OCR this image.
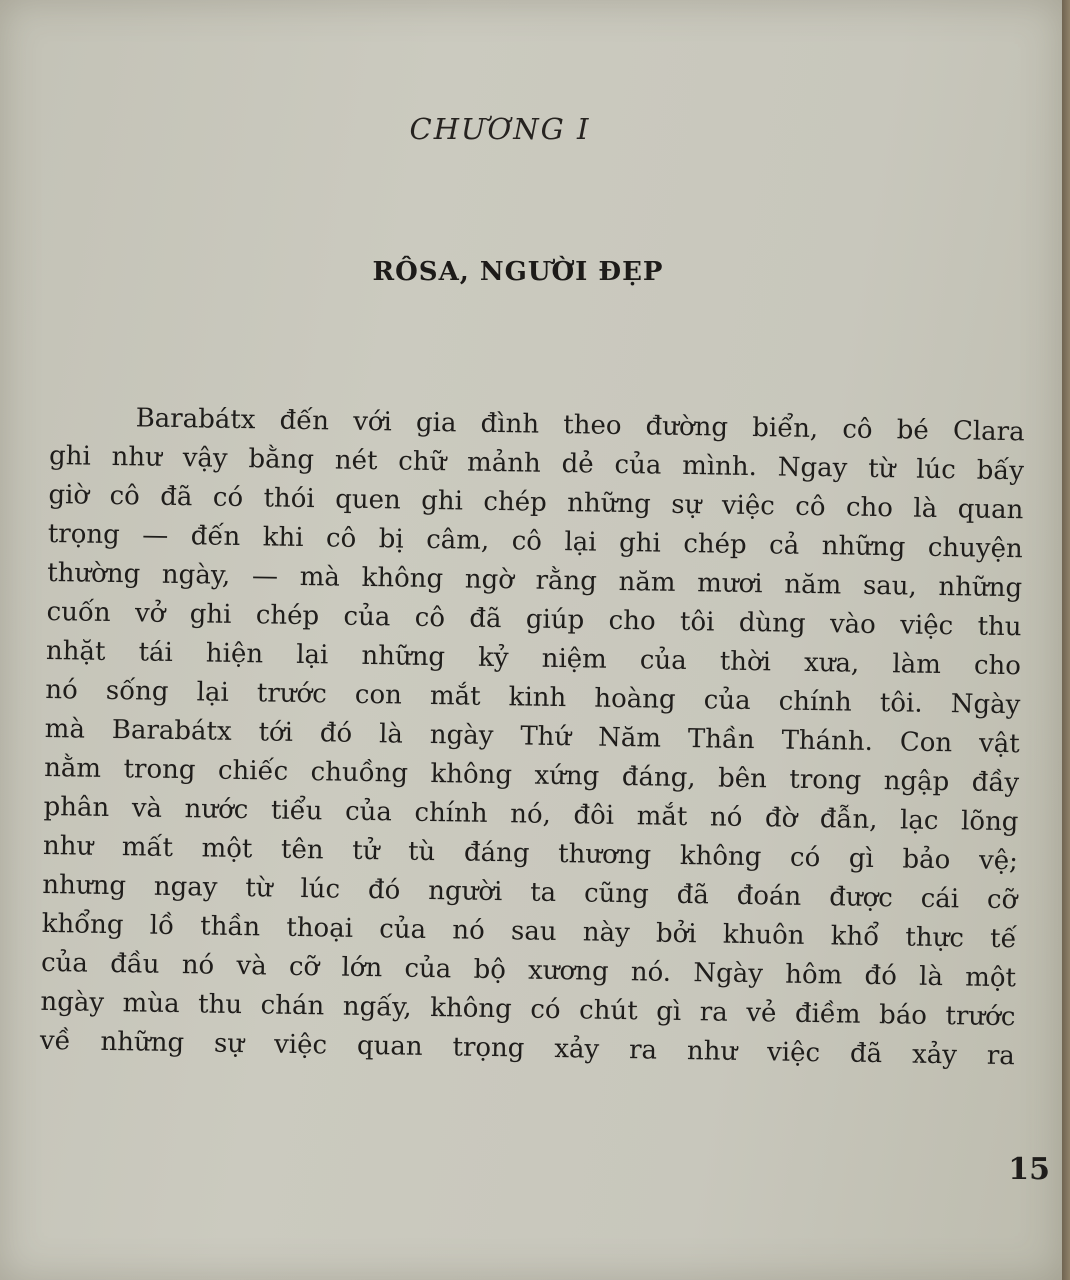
CHƯƠNG I
RÔSA, NGƯỜI ĐẸP
Barabátx đến với gia đình theo đường biển, cô bé Clara
ghi như vậy bằng nét chữ mảnh dẻ của mình. Ngay từ lúc bấy
giờ cô đã có thói quen ghi chép những sự việc cô cho là quan
trọng — đến khi cô bị câm, cô lại ghi chép cả những chuyện
thường ngày, — mà không ngờ rằng năm mươi năm sau, những
cuốn vở ghi chép của cô đã giúp cho tôi dùng vào việc thu
nhặt tái hiện lại những kỷ niệm của thời xưa, làm cho
nó sống lại trước con mắt kinh hoàng của chính tôi. Ngày
mà Barabátx tới đó là ngày Thứ Năm Thần Thánh. Con vật
nằm trong chiếc chuồng không xứng đáng, bên trong ngập đầy
phân và nước tiểu của chính nó, đôi mắt nó đờ đẫn, lạc lõng
như mất một tên tử tù đáng thương không có gì bảo vệ;
nhưng ngay từ lúc đó người ta cũng đã đoán được cái cỡ
khổng lồ thần thoại của nó sau này bởi khuôn khổ thực tế
của đầu nó và cỡ lớn của bộ xương nó. Ngày hôm đó là một
ngày mùa thu chán ngấy, không có chút gì ra vẻ điềm báo trước
về những sự việc quan trọng xảy ra như việc đã xảy ra
15
